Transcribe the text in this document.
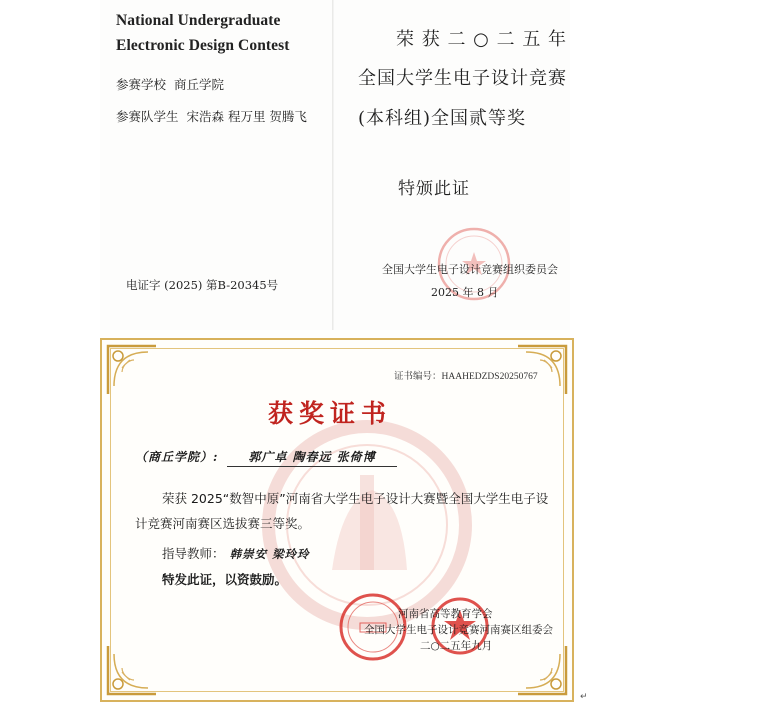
National Undergraduate
Electronic Design Contest
参赛学校 商丘学院
参赛队学生 宋浩森 程万里 贺腾飞
电证字 (2025) 第B-20345号
荣 获 二 ○ 二 五 年
全国大学生电子设计竞赛
(本科组)全国贰等奖
特颁此证
全国大学生电子设计竞赛组织委员会
2025 年 8 月
证书编号：HAAHEDZDS20250767
获奖证书
（商丘学院）:	郭广卓 陶春远 张倚博
荣获 2025“数智中原”河南省大学生电子设计大赛暨全国大学生电子设
计竞赛河南赛区选拔赛三等奖。
指导教师： 韩崇安 梁玲玲
特发此证，以资鼓励。
河南省高等教育学会
全国大学生电子设计竞赛河南赛区组委会
二○二五年九月
↵
